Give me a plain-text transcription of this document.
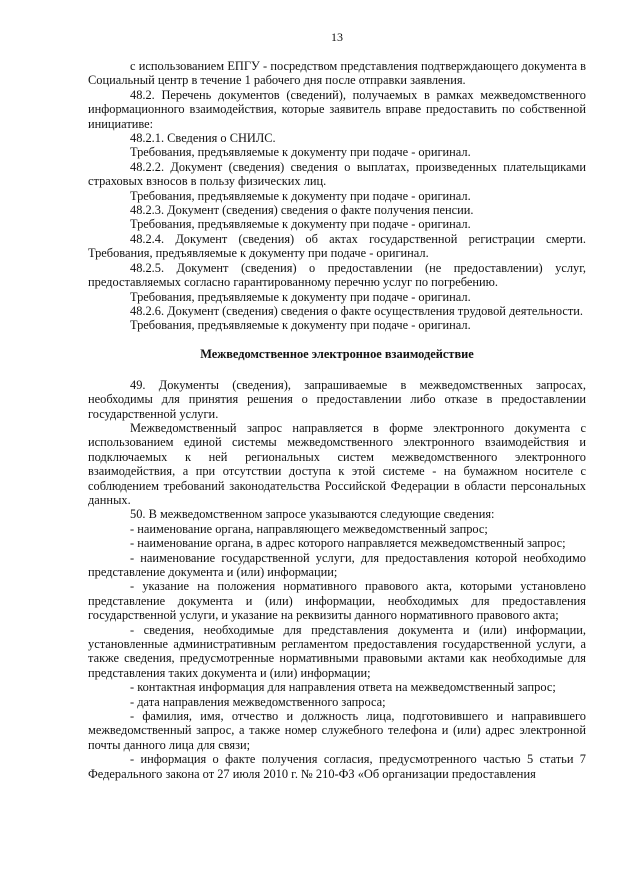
13

с использованием ЕПГУ - посредством представления подтверждающего документа в Социальный центр в течение 1 рабочего дня после отправки заявления.

48.2. Перечень документов (сведений), получаемых в рамках межведомственного информационного взаимодействия, которые заявитель вправе предоставить по собственной инициативе:

48.2.1. Сведения о СНИЛС.

Требования, предъявляемые к документу при подаче - оригинал.

48.2.2. Документ (сведения) сведения о выплатах, произведенных плательщиками страховых взносов в пользу физических лиц.

Требования, предъявляемые к документу при подаче - оригинал.

48.2.3. Документ (сведения) сведения о факте получения пенсии.

Требования, предъявляемые к документу при подаче - оригинал.

48.2.4. Документ (сведения) об актах государственной регистрации смерти. Требования, предъявляемые к документу при подаче - оригинал.

48.2.5. Документ (сведения) о предоставлении (не предоставлении) услуг, предоставляемых согласно гарантированному перечню услуг по погребению.

Требования, предъявляемые к документу при подаче - оригинал.

48.2.6. Документ (сведения) сведения о факте осуществления трудовой деятельности.

Требования, предъявляемые к документу при подаче - оригинал.

Межведомственное электронное взаимодействие

49. Документы (сведения), запрашиваемые в межведомственных запросах, необходимы для принятия решения о предоставлении либо отказе в предоставлении государственной услуги.

Межведомственный запрос направляется в форме электронного документа с использованием единой системы межведомственного электронного взаимодействия и подключаемых к ней региональных систем межведомственного электронного взаимодействия, а при отсутствии доступа к этой системе - на бумажном носителе с соблюдением требований законодательства Российской Федерации в области персональных данных.

50. В межведомственном запросе указываются следующие сведения:

- наименование органа, направляющего межведомственный запрос;

- наименование органа, в адрес которого направляется межведомственный запрос;

- наименование государственной услуги, для предоставления которой необходимо представление документа и (или) информации;

- указание на положения нормативного правового акта, которыми установлено представление документа и (или) информации, необходимых для предоставления государственной услуги, и указание на реквизиты данного нормативного правового акта;

- сведения, необходимые для представления документа и (или) информации, установленные административным регламентом предоставления государственной услуги, а также сведения, предусмотренные нормативными правовыми актами как необходимые для представления таких документа и (или) информации;

- контактная информация для направления ответа на межведомственный запрос;

- дата направления межведомственного запроса;

- фамилия, имя, отчество и должность лица, подготовившего и направившего межведомственный запрос, а также номер служебного телефона и (или) адрес электронной почты данного лица для связи;

- информация о факте получения согласия, предусмотренного частью 5 статьи 7 Федерального закона от 27 июля 2010 г. № 210-ФЗ «Об организации предоставления
